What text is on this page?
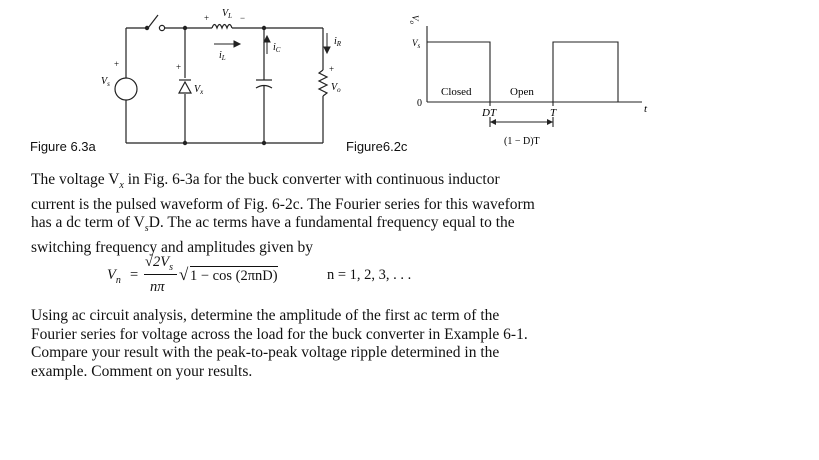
$V_L$
+	−
$i_L$
$i_C$
$i_R$
$V_s$
+
$V_x$
+
$V_o$
+
Figure 6.3a
$V_o$
$V_s$
0
Closed	Open
DT	T	t
(1 − D)T
Figure6.2c
The voltage $V_x$ in Fig. 6-3a for the buck converter with continuous inductor
current is the pulsed waveform of Fig. 6-2c. The Fourier series for this waveform
has a dc term of $V_sD$. The ac terms have a fundamental frequency equal to the
switching frequency and amplitudes given by
$V_n$ =
$√2V_s$
nπ
√ 1 − cos (2πnD)	n = 1, 2, 3, . . .
Using ac circuit analysis, determine the amplitude of the first ac term of the
Fourier series for voltage across the load for the buck converter in Example 6-1.
Compare your result with the peak-to-peak voltage ripple determined in the
example. Comment on your results.
